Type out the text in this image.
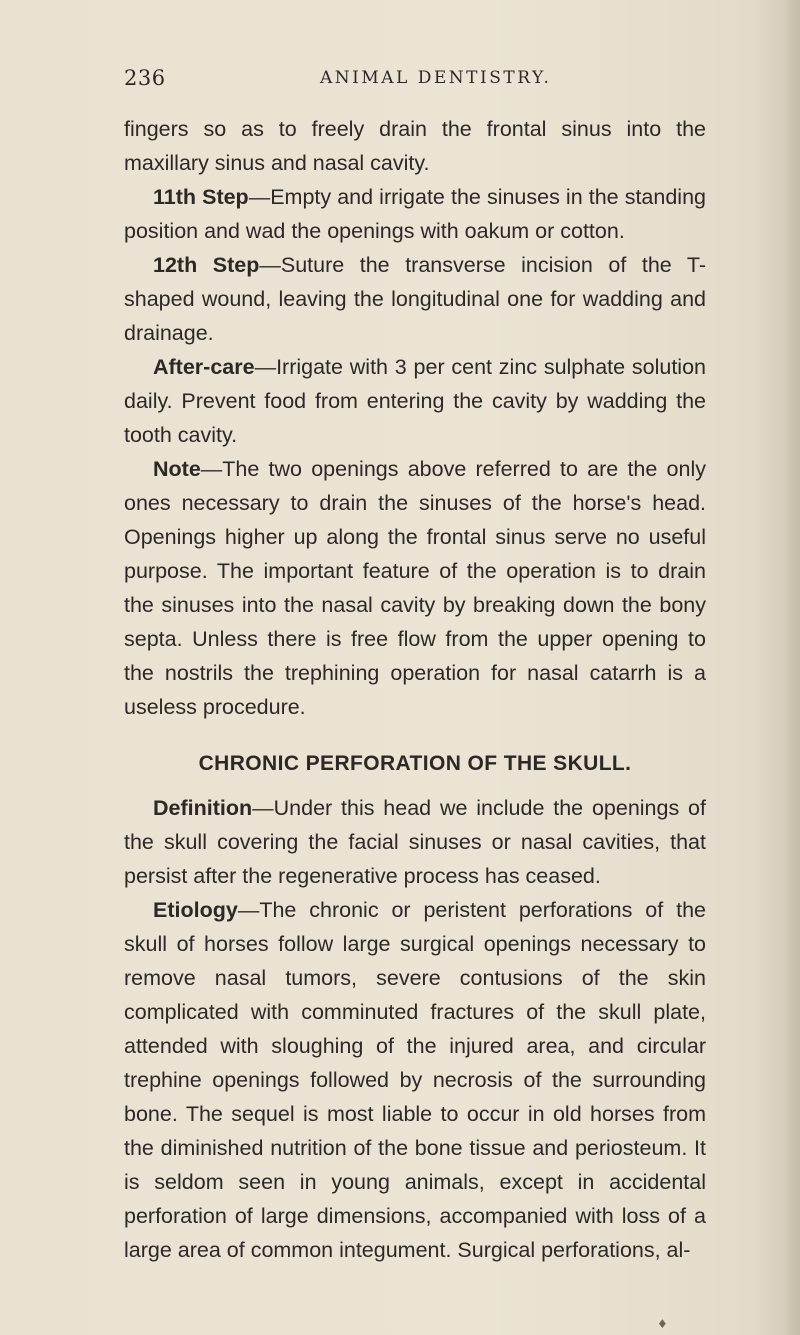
236	ANIMAL DENTISTRY.

fingers so as to freely drain the frontal sinus into the maxillary sinus and nasal cavity.

11th Step—Empty and irrigate the sinuses in the standing position and wad the openings with oakum or cotton.

12th Step—Suture the transverse incision of the T-shaped wound, leaving the longitudinal one for wadding and drainage.

After-care—Irrigate with 3 per cent zinc sulphate solution daily. Prevent food from entering the cavity by wadding the tooth cavity.

Note—The two openings above referred to are the only ones necessary to drain the sinuses of the horse's head. Openings higher up along the frontal sinus serve no useful purpose. The important feature of the operation is to drain the sinuses into the nasal cavity by breaking down the bony septa. Unless there is free flow from the upper opening to the nostrils the trephining operation for nasal catarrh is a useless procedure.

CHRONIC PERFORATION OF THE SKULL.

Definition—Under this head we include the openings of the skull covering the facial sinuses or nasal cavities, that persist after the regenerative process has ceased.

Etiology—The chronic or peristent perforations of the skull of horses follow large surgical openings necessary to remove nasal tumors, severe contusions of the skin complicated with comminuted fractures of the skull plate, attended with sloughing of the injured area, and circular trephine openings followed by necrosis of the surrounding bone. The sequel is most liable to occur in old horses from the diminished nutrition of the bone tissue and periosteum. It is seldom seen in young animals, except in accidental perforation of large dimensions, accompanied with loss of a large area of common integument. Surgical perforations, al-

♦
